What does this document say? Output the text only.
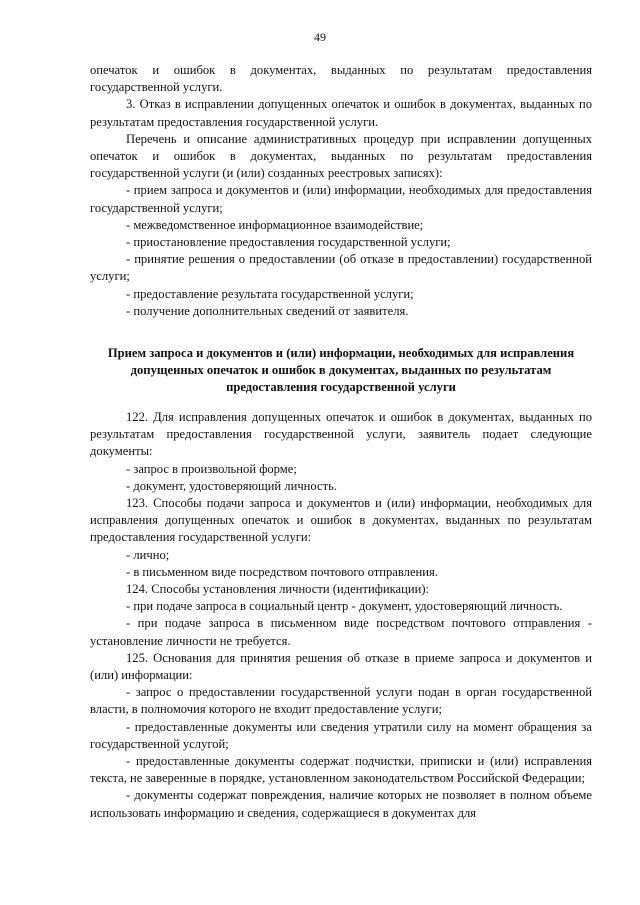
49

опечаток и ошибок в документах, выданных по результатам предоставления государственной услуги.

3. Отказ в исправлении допущенных опечаток и ошибок в документах, выданных по результатам предоставления государственной услуги.

Перечень и описание административных процедур при исправлении допущенных опечаток и ошибок в документах, выданных по результатам предоставления государственной услуги (и (или) созданных реестровых записях):

- прием запроса и документов и (или) информации, необходимых для предоставления государственной услуги;

- межведомственное информационное взаимодействие;

- приостановление предоставления государственной услуги;

- принятие решения о предоставлении (об отказе в предоставлении) государственной услуги;

- предоставление результата государственной услуги;

- получение дополнительных сведений от заявителя.

Прием запроса и документов и (или) информации, необходимых для исправления допущенных опечаток и ошибок в документах, выданных по результатам предоставления государственной услуги

122. Для исправления допущенных опечаток и ошибок в документах, выданных по результатам предоставления государственной услуги, заявитель подает следующие документы:

- запрос в произвольной форме;

- документ, удостоверяющий личность.

123. Способы подачи запроса и документов и (или) информации, необходимых для исправления допущенных опечаток и ошибок в документах, выданных по результатам предоставления государственной услуги:

- лично;

- в письменном виде посредством почтового отправления.

124. Способы установления личности (идентификации):

- при подаче запроса в социальный центр - документ, удостоверяющий личность.

- при подаче запроса в письменном виде посредством почтового отправления - установление личности не требуется.

125. Основания для принятия решения об отказе в приеме запроса и документов и (или) информации:

- запрос о предоставлении государственной услуги подан в орган государственной власти, в полномочия которого не входит предоставление услуги;

- предоставленные документы или сведения утратили силу на момент обращения за государственной услугой;

- предоставленные документы содержат подчистки, приписки и (или) исправления текста, не заверенные в порядке, установленном законодательством Российской Федерации;

- документы содержат повреждения, наличие которых не позволяет в полном объеме использовать информацию и сведения, содержащиеся в документах для
